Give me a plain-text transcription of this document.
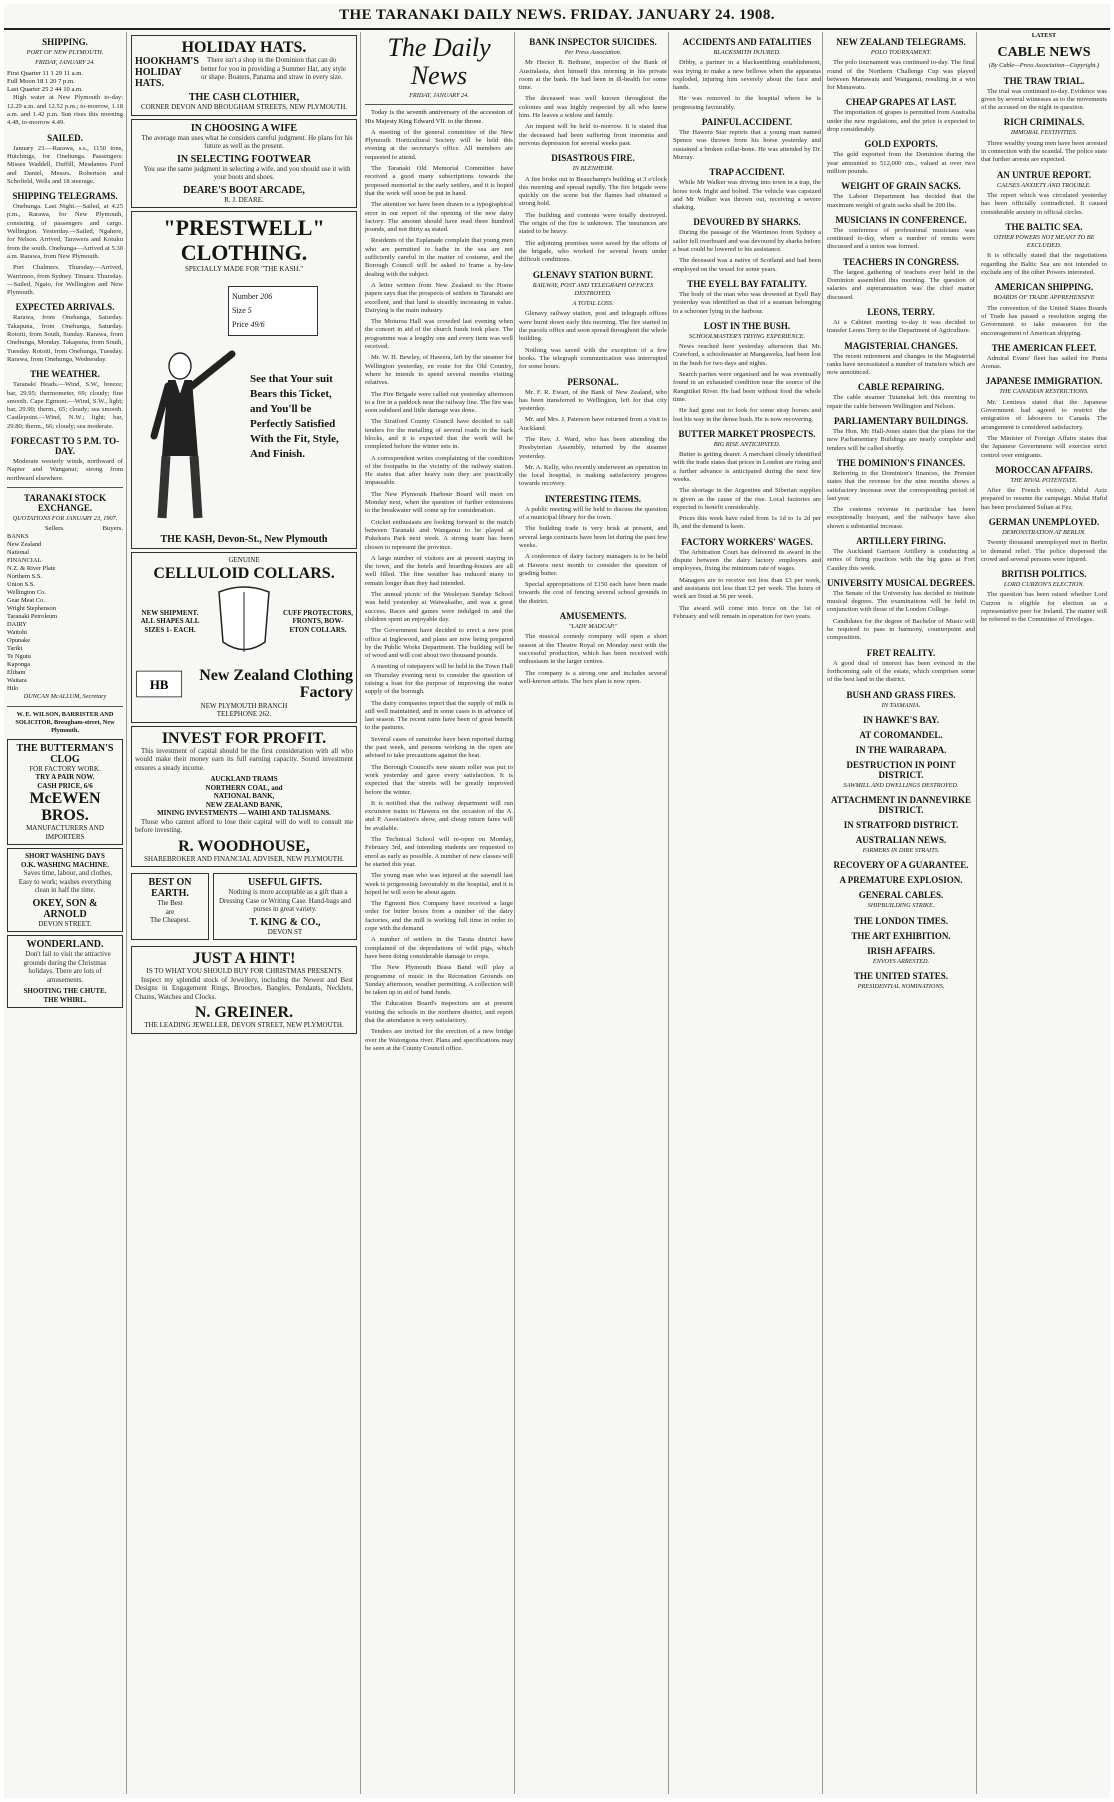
THE TARANAKI DAILY NEWS. FRIDAY. JANUARY 24. 1908.
SHIPPING.
PORT OF NEW PLYMOUTH.
FRIDAY, JANUARY 24.
First Quarter 11 1 29 11 a.m.
Full Moon 18 1 20 7 p.m.
Last Quarter 25 2 44 10 a.m.

High water at New Plymouth to-day: 12.29 a.m. and 12.52 p.m.; to-morrow, 1.18 a.m. and 1.42 p.m. Sun rises this morning 4.48, to-morrow 4.49.

SAILED.

January 23.—Rarawa, s.s., 1150 tons, Hutchings, for Onehunga. Passengers: Misses Waddell, Duffill, Mesdames Ford and Daniel, Messrs. Robertson and Schofield, Wells and 18 steerage.

SHIPPING TELEGRAMS.

Onehunga. Last Night.—Sailed, at 4.25 p.m., Rarawa, for New Plymouth, consisting of passengers and cargo. Wellington. Yesterday.—Sailed, Ngahere, for Nelson. Arrived, Tarawera and Kotuku from the south. Onehunga—Arrived at 5.30 a.m. Rarawa, from New Plymouth.

Port Chalmers. Thursday.—Arrived, Warrimoo, from Sydney. Timaru. Thursday.—Sailed, Ngaio, for Wellington and New Plymouth.

EXPECTED ARRIVALS.

Rarawa, from Onehunga, Saturday. Takapuna, from Onehunga, Saturday. Rotoiti, from South, Sunday. Rarawa, from Onehunga, Monday. Takapuna, from South, Tuesday. Rotoiti, from Onehunga, Tuesday. Rarawa, from Onehunga, Wednesday.

THE WEATHER.

Taranaki Heads.—Wind, S.W., breeze; bar, 29.95; thermometer, 69; cloudy; fine smooth. Cape Egmont.—Wind, S.W., light; bar, 29.90; therm., 65; cloudy; sea smooth. Castlepoint.—Wind, N.W.; light; bar, 29.80; therm., 66; cloudy; sea moderate.

FORECAST TO 5 P.M. TO-DAY.

Moderate westerly winds, northward of Napier and Wanganui; strong from northward elsewhere.

TARANAKI STOCK EXCHANGE.
QUOTATIONS FOR JANUARY 23, 1907.
Sellers.	Buyers.
BANKS
New Zealand
National
FINANCIAL
N.Z. & River Plate
Northern S.S.
Union S.S.
Wellington Co.
Gear Meat Co.
Wright Stephenson
Taranaki Petroleum
DAIRY
Waitohi
Opunake
Tariki
Te Ngutu
Kaponga
Eltham
Waitara
Hilo
DUNCAN McALLUM, Secretary
W. E. WILSON, BARRISTER AND SOLICITOR, Brougham-street, New Plymouth.
THE BUTTERMAN'S CLOG
FOR FACTORY WORK.
TRY A PAIR NOW.
CASH PRICE, 6/6
McEWEN BROS.
MANUFACTURERS AND IMPORTERS
SHORT WASHING DAYS
O.K. WASHING MACHINE.

Saves time, labour, and clothes. Easy to work; washes everything clean in half the time.

OKEY, SON & ARNOLD
DEVON STREET.
WONDERLAND.

Don't fail to visit the attractive grounds during the Christmas holidays. There are lots of amusements.

SHOOTING THE CHUTE.
THE WHIRL.
HOLIDAY HATS.
HOOKHAM'S HOLIDAY HATS.

There isn't a shop in the Dominion that can do better for you in providing a Summer Hat, any style or shape. Boaters, Panama and straw in every size.

THE CASH CLOTHIER,
CORNER DEVON AND BROUGHAM STREETS, NEW PLYMOUTH.
IN CHOOSING A WIFE

The average man uses what he considers careful judgment. He plans for his future as well as the present.

IN SELECTING FOOTWEAR

You use the same judgment in selecting a wife, and you should use it with your boots and shoes.

DEARE'S BOOT ARCADE,
R. J. DEARE.
"PRESTWELL"
CLOTHING.
SPECIALLY MADE FOR "THE KASH."
Number 206
Size 5
Price 49/6
See that Your suit Bears this Ticket, and You'll be Perfectly Satisfied With the Fit, Style, And Finish.
THE KASH, Devon-St., New Plymouth
GENUINE
CELLULOID COLLARS.
NEW SHIPMENT. ALL SHAPES ALL SIZES 1- EACH.
CUFF PROTECTORS, FRONTS, BOW-ETON COLLARS.
HB
New Zealand Clothing Factory
NEW PLYMOUTH BRANCH
TELEPHONE 262.
INVEST FOR PROFIT.

This investment of capital should be the first consideration with all who would make their money earn its full earning capacity. Sound investment ensures a steady income.

AUCKLAND TRAMS
NORTHERN COAL, and
NATIONAL BANK,
NEW ZEALAND BANK,
MINING INVESTMENTS — WAIHI AND TALISMANS.

Those who cannot afford to lose their capital will do well to consult me before investing.

R. WOODHOUSE,
SHAREBROKER AND FINANCIAL ADVISER, NEW PLYMOUTH.
BEST ON
EARTH.
The Best
are
The Cheapest.
USEFUL GIFTS.

Nothing is more acceptable as a gift than a Dressing Case or Writing Case. Hand-bags and purses in great variety.

T. KING & CO.,
DEVON ST
JUST A HINT!
IS TO WHAT YOU SHOULD BUY FOR CHRISTMAS PRESENTS

Inspect my splendid stock of Jewellery, including the Newest and Best Designs in Engagement Rings, Brooches, Bangles, Pendants, Necklets, Chains, Watches and Clocks.

N. GREINER.
THE LEADING JEWELLER, DEVON STREET, NEW PLYMOUTH.
The Daily News
FRIDAY, JANUARY 24.

Today is the seventh anniversary of the accession of His Majesty King Edward VII. to the throne.

A meeting of the general committee of the New Plymouth Horticultural Society will be held this evening at the secretary's office. All members are requested to attend.

The Taranaki Old Memorial Committee have received a good many subscriptions towards the proposed memorial to the early settlers, and it is hoped that the work will soon be put in hand.

The attention we have been drawn to a typographical error in our report of the opening of the new dairy factory. The amount should have read three hundred pounds, and not thirty as stated.

Residents of the Esplanade complain that young men who are permitted to bathe in the sea are not sufficiently careful in the matter of costume, and the Borough Council will be asked to frame a by-law dealing with the subject.

A letter written from New Zealand to the Home papers says that the prospects of settlers in Taranaki are excellent, and that land is steadily increasing in value. Dairying is the main industry.

The Moturoa Hall was crowded last evening when the concert in aid of the church funds took place. The programme was a lengthy one and every item was well received.

Mr. W. H. Bewley, of Hawera, left by the steamer for Wellington yesterday, en route for the Old Country, where he intends to spend several months visiting relatives.

The Fire Brigade were called out yesterday afternoon to a fire in a paddock near the railway line. The fire was soon subdued and little damage was done.

The Stratford County Council have decided to call tenders for the metalling of several roads in the back blocks, and it is expected that the work will be completed before the winter sets in.

A correspondent writes complaining of the condition of the footpaths in the vicinity of the railway station. He states that after heavy rain they are practically impassable.

The New Plymouth Harbour Board will meet on Monday next, when the question of further extensions to the breakwater will come up for consideration.

Cricket enthusiasts are looking forward to the match between Taranaki and Wanganui to be played at Pukekura Park next week. A strong team has been chosen to represent the province.

A large number of visitors are at present staying in the town, and the hotels and boarding-houses are all well filled. The fine weather has induced many to remain longer than they had intended.

The annual picnic of the Wesleyan Sunday School was held yesterday at Waiwakaiho, and was a great success. Races and games were indulged in and the children spent an enjoyable day.

The Government have decided to erect a new post office at Inglewood, and plans are now being prepared by the Public Works Department. The building will be of wood and will cost about two thousand pounds.

A meeting of ratepayers will be held in the Town Hall on Thursday evening next to consider the question of raising a loan for the purpose of improving the water supply of the borough.

The dairy companies report that the supply of milk is still well maintained, and in some cases is in advance of last season. The recent rains have been of great benefit to the pastures.

Several cases of sunstroke have been reported during the past week, and persons working in the open are advised to take precautions against the heat.

The Borough Council's new steam roller was put to work yesterday and gave every satisfaction. It is expected that the streets will be greatly improved before the winter.

It is notified that the railway department will run excursion trains to Hawera on the occasion of the A. and P. Association's show, and cheap return fares will be available.

The Technical School will re-open on Monday, February 3rd, and intending students are requested to enrol as early as possible. A number of new classes will be started this year.

The young man who was injured at the sawmill last week is progressing favourably in the hospital, and it is hoped he will soon be about again.

The Egmont Box Company have received a large order for butter boxes from a number of the dairy factories, and the mill is working full time in order to cope with the demand.

A number of settlers in the Tarata district have complained of the depredations of wild pigs, which have been doing considerable damage to crops.

The New Plymouth Brass Band will play a programme of music in the Recreation Grounds on Sunday afternoon, weather permitting. A collection will be taken up in aid of band funds.

The Education Board's inspectors are at present visiting the schools in the northern district, and report that the attendance is very satisfactory.

Tenders are invited for the erection of a new bridge over the Waiongona river. Plans and specifications may be seen at the County Council office.

BANK INSPECTOR SUICIDES.
Per Press Association.

Mr Hector B. Bethune, inspector of the Bank of Australasia, shot himself this morning in his private room at the bank. He had been in ill-health for some time.

The deceased was well known throughout the colonies and was highly respected by all who knew him. He leaves a widow and family.

An inquest will be held to-morrow. It is stated that the deceased had been suffering from insomnia and nervous depression for several weeks past.

DISASTROUS FIRE.
IN BLENHEIM.

A fire broke out in Beauchamp's building at 3 o'clock this morning and spread rapidly. The fire brigade were quickly on the scene but the flames had obtained a strong hold.

The building and contents were totally destroyed. The origin of the fire is unknown. The insurances are stated to be heavy.

The adjoining premises were saved by the efforts of the brigade, who worked for several hours under difficult conditions.

GLENAVY STATION BURNT.
RAILWAY, POST AND TELEGRAPH OFFICES DESTROYED.
A TOTAL LOSS.

Glenavy railway station, post and telegraph offices were burnt down early this morning. The fire started in the parcels office and soon spread throughout the whole building.

Nothing was saved with the exception of a few books. The telegraph communication was interrupted for some hours.

PERSONAL.

Mr. F. R. Ewart, of the Bank of New Zealand, who has been transferred to Wellington, left for that city yesterday.

Mr. and Mrs. J. Paterson have returned from a visit to Auckland.

The Rev. J. Ward, who has been attending the Presbyterian Assembly, returned by the steamer yesterday.

Mr. A. Kelly, who recently underwent an operation in the local hospital, is making satisfactory progress towards recovery.

INTERESTING ITEMS.

A public meeting will be held to discuss the question of a municipal library for the town.

The building trade is very brisk at present, and several large contracts have been let during the past few weeks.

A conference of dairy factory managers is to be held at Hawera next month to consider the question of grading butter.

Special appropriations of £150 each have been made towards the cost of fencing several school grounds in the district.

AMUSEMENTS.
"LADY MADCAP."

The musical comedy company will open a short season at the Theatre Royal on Monday next with the successful production, which has been received with enthusiasm in the larger centres.

The company is a strong one and includes several well-known artists. The box plan is now open.

ACCIDENTS AND FATALITIES
BLACKSMITH INJURED.

Dibby, a partner in a blacksmithing establishment, was trying to make a new bellows when the apparatus exploded, injuring him severely about the face and hands.

He was removed to the hospital where he is progressing favourably.

PAINFUL ACCIDENT.

The Hawera Star reports that a young man named Spence was thrown from his horse yesterday and sustained a broken collar-bone. He was attended by Dr. Murray.

TRAP ACCIDENT.

While Mr Walker was driving into town in a trap, the horse took fright and bolted. The vehicle was capsized and Mr Walker was thrown out, receiving a severe shaking.

DEVOURED BY SHARKS.

During the passage of the Warrimoo from Sydney a sailor fell overboard and was devoured by sharks before a boat could be lowered to his assistance.

The deceased was a native of Scotland and had been employed on the vessel for some years.

THE EYELL BAY FATALITY.

The body of the man who was drowned at Eyell Bay yesterday was identified as that of a seaman belonging to a schooner lying in the harbour.

LOST IN THE BUSH.
SCHOOLMASTER'S TRYING EXPERIENCE.

News reached here yesterday afternoon that Mr. Crawford, a schoolmaster at Mangaweka, had been lost in the bush for two days and nights.

Search parties were organised and he was eventually found in an exhausted condition near the source of the Rangitikei River. He had been without food the whole time.

He had gone out to look for some stray horses and lost his way in the dense bush. He is now recovering.

BUTTER MARKET PROSPECTS.
BIG RISE ANTICIPATED.

Butter is getting dearer. A merchant closely identified with the trade states that prices in London are rising and a further advance is anticipated during the next few weeks.

The shortage in the Argentine and Siberian supplies is given as the cause of the rise. Local factories are expected to benefit considerably.

Prices this week have ruled from 1s 1d to 1s 2d per lb, and the demand is keen.

FACTORY WORKERS' WAGES.

The Arbitration Court has delivered its award in the dispute between the dairy factory employers and employees, fixing the minimum rate of wages.

Managers are to receive not less than £3 per week, and assistants not less than £2 per week. The hours of work are fixed at 56 per week.

The award will come into force on the 1st of February and will remain in operation for two years.

NEW ZEALAND TELEGRAMS.
POLO TOURNAMENT.

The polo tournament was continued to-day. The final round of the Northern Challenge Cup was played between Manawatu and Wanganui, resulting in a win for Manawatu.

CHEAP GRAPES AT LAST.

The importation of grapes is permitted from Australia under the new regulations, and the price is expected to drop considerably.

GOLD EXPORTS.

The gold exported from the Dominion during the year amounted to 512,000 ozs., valued at over two million pounds.

WEIGHT OF GRAIN SACKS.

The Labour Department has decided that the maximum weight of grain sacks shall be 200 lbs.

MUSICIANS IN CONFERENCE.

The conference of professional musicians was continued to-day, when a number of remits were discussed and a union was formed.

TEACHERS IN CONGRESS.

The largest gathering of teachers ever held in the Dominion assembled this morning. The question of salaries and superannuation was the chief matter discussed.

LEONS, TERRY.

At a Cabinet meeting to-day it was decided to transfer Leons Terry to the Department of Agriculture.

MAGISTERIAL CHANGES.

The recent retirement and changes in the Magisterial ranks have necessitated a number of transfers which are now announced.

CABLE REPAIRING.

The cable steamer Tutanekai left this morning to repair the cable between Wellington and Nelson.

PARLIAMENTARY BUILDINGS.

The Hon. Mr. Hall-Jones states that the plans for the new Parliamentary Buildings are nearly complete and tenders will be called shortly.

THE DOMINION'S FINANCES.

Referring to the Dominion's finances, the Premier states that the revenue for the nine months shows a satisfactory increase over the corresponding period of last year.

The customs revenue in particular has been exceptionally buoyant, and the railways have also shown a substantial increase.

ARTILLERY FIRING.

The Auckland Garrison Artillery is conducting a series of firing practices with the big guns at Fort Cautley this week.

UNIVERSITY MUSICAL DEGREES.

The Senate of the University has decided to institute musical degrees. The examinations will be held in conjunction with those of the London College.

Candidates for the degree of Bachelor of Music will be required to pass in harmony, counterpoint and composition.

FRET REALITY.

A good deal of interest has been evinced in the forthcoming sale of the estate, which comprises some of the best land in the district.

BUSH AND GRASS FIRES.
IN TASMANIA.
IN HAWKE'S BAY.
AT COROMANDEL.
IN THE WAIRARAPA.
DESTRUCTION IN POINT DISTRICT.
SAWMILL AND DWELLINGS DESTROYED.
ATTACHMENT IN DANNEVIRKE DISTRICT.
IN STRATFORD DISTRICT.
AUSTRALIAN NEWS.
FARMERS IN DIRE STRAITS.
RECOVERY OF A GUARANTEE.
A PREMATURE EXPLOSION.
GENERAL CABLES.
SHIPBUILDING STRIKE.
THE LONDON TIMES.
THE ART EXHIBITION.
IRISH AFFAIRS.
ENVOYS ARRESTED.
THE UNITED STATES.
PRESIDENTIAL NOMINATIONS.
LATEST
CABLE NEWS
(By Cable—Press Association—Copyright.)
THE TRAW TRIAL.

The trial was continued to-day. Evidence was given by several witnesses as to the movements of the accused on the night in question.

RICH CRIMINALS.
IMMORAL FESTIVITIES.

Three wealthy young men have been arrested in connection with the scandal. The police state that further arrests are expected.

AN UNTRUE REPORT.
CAUSES ANXIETY AND TROUBLE.

The report which was circulated yesterday has been officially contradicted. It caused considerable anxiety in official circles.

THE BALTIC SEA.
OTHER POWERS NOT MEANT TO BE EXCLUDED.

It is officially stated that the negotiations regarding the Baltic Sea are not intended to exclude any of the other Powers interested.

AMERICAN SHIPPING.
BOARDS OF TRADE APPREHENSIVE

The convention of the United States Boards of Trade has passed a resolution urging the Government to take measures for the encouragement of American shipping.

THE AMERICAN FLEET.

Admiral Evans' fleet has sailed for Punta Arenas.

JAPANESE IMMIGRATION.
THE CANADIAN RESTRICTIONS.

Mr. Lemieux stated that the Japanese Government had agreed to restrict the emigration of labourers to Canada. The arrangement is considered satisfactory.

The Minister of Foreign Affairs states that the Japanese Government will exercise strict control over emigrants.

MOROCCAN AFFAIRS.
THE RIVAL POTENTATE.

After the French victory, Abdul Aziz prepared to resume the campaign. Mulai Hafid has been proclaimed Sultan at Fez.

GERMAN UNEMPLOYED.
DEMONSTRATION AT BERLIN.

Twenty thousand unemployed met in Berlin to demand relief. The police dispersed the crowd and several persons were injured.

BRITISH POLITICS.
LORD CURZON'S ELECTION.

The question has been raised whether Lord Curzon is eligible for election as a representative peer for Ireland. The matter will be referred to the Committee of Privileges.
